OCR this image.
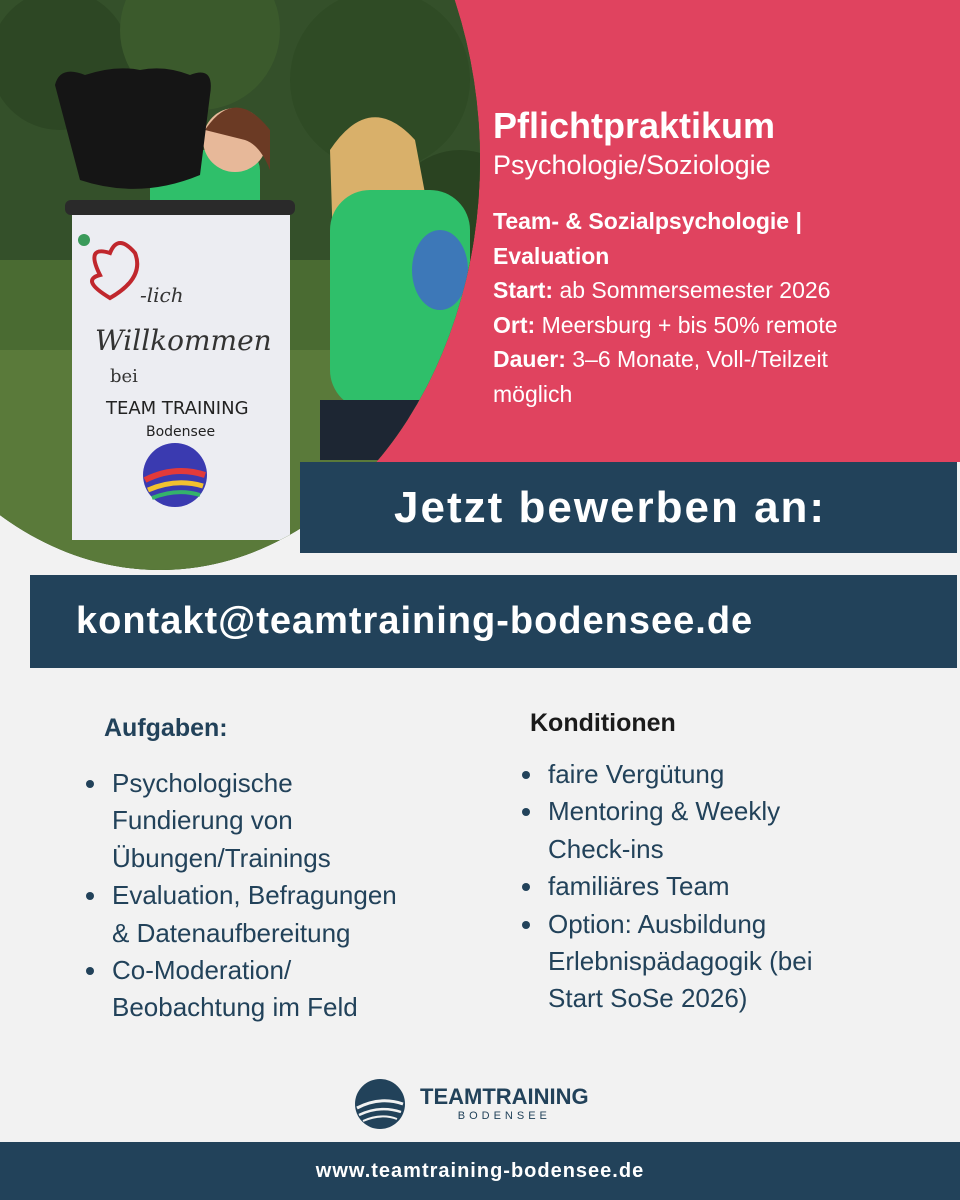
-lich
Willkommen
bei
TEAM TRAINING
Bodensee
Pflichtpraktikum
Psychologie/Soziologie
Team- & Sozialpsychologie | Evaluation
Start: ab Sommersemester 2026
Ort: Meersburg + bis 50% remote
Dauer: 3–6 Monate, Voll-/Teilzeit möglich
Jetzt bewerben an:
kontakt@teamtraining-bodensee.de
Aufgaben:
Psychologische Fundierung von Übungen/Trainings
Evaluation, Befragungen & Datenaufbereitung
Co-Moderation/ Beobachtung im Feld
Konditionen
faire Vergütung
Mentoring & Weekly Check-ins
familiäres Team
Option: Ausbildung Erlebnispädagogik (bei Start SoSe 2026)
TEAMTRAINING
BODENSEE
www.teamtraining-bodensee.de
